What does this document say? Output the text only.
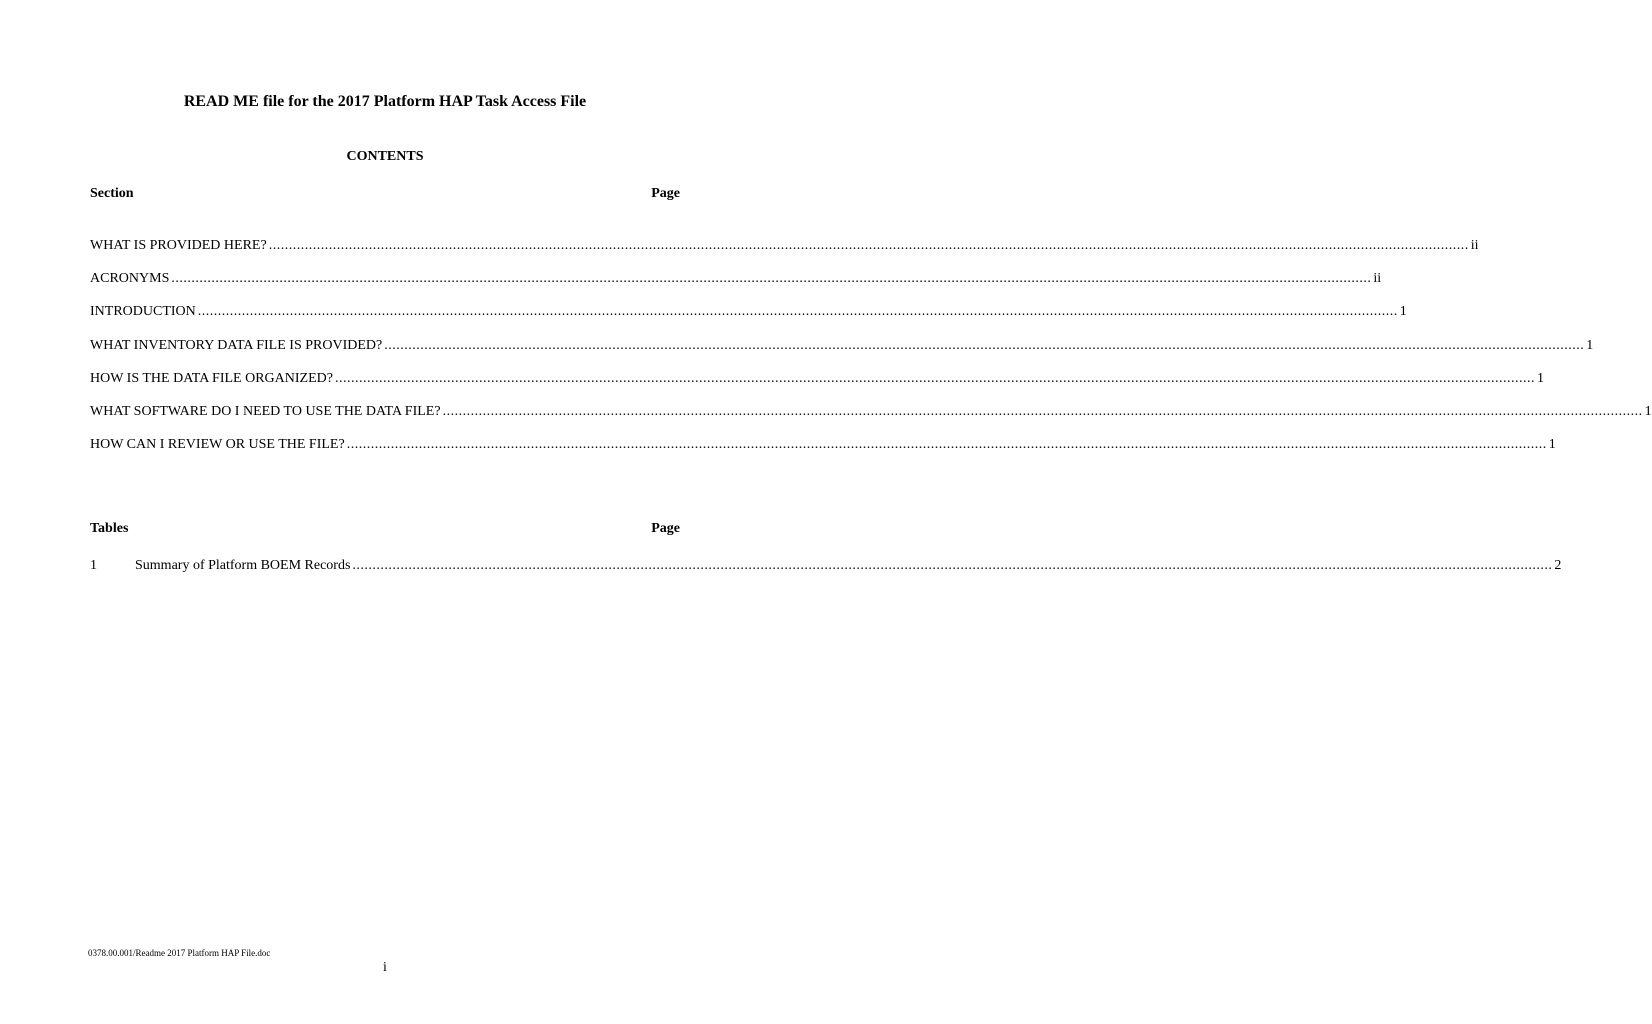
READ ME file for the 2017 Platform HAP Task Access File
CONTENTS
Section	Page
WHAT IS PROVIDED HERE? ............................................................................................................................................................................................................................................................................................................ ii
ACRONYMS ............................................................................................................................................................................................................................................................................................................ ii
INTRODUCTION ............................................................................................................................................................................................................................................................................................................ 1
WHAT INVENTORY DATA FILE IS PROVIDED? ............................................................................................................................................................................................................................................................................................................ 1
HOW IS THE DATA FILE ORGANIZED? ............................................................................................................................................................................................................................................................................................................ 1
WHAT SOFTWARE DO I NEED TO USE THE DATA FILE? ............................................................................................................................................................................................................................................................................................................ 1
HOW CAN I REVIEW OR USE THE FILE? ............................................................................................................................................................................................................................................................................................................ 1
Tables	Page
1	Summary of Platform BOEM Records ............................................................................................................................................................................................................................................................................................................ 2
0378.00.001/Readme 2017 Platform HAP File.doc
i
